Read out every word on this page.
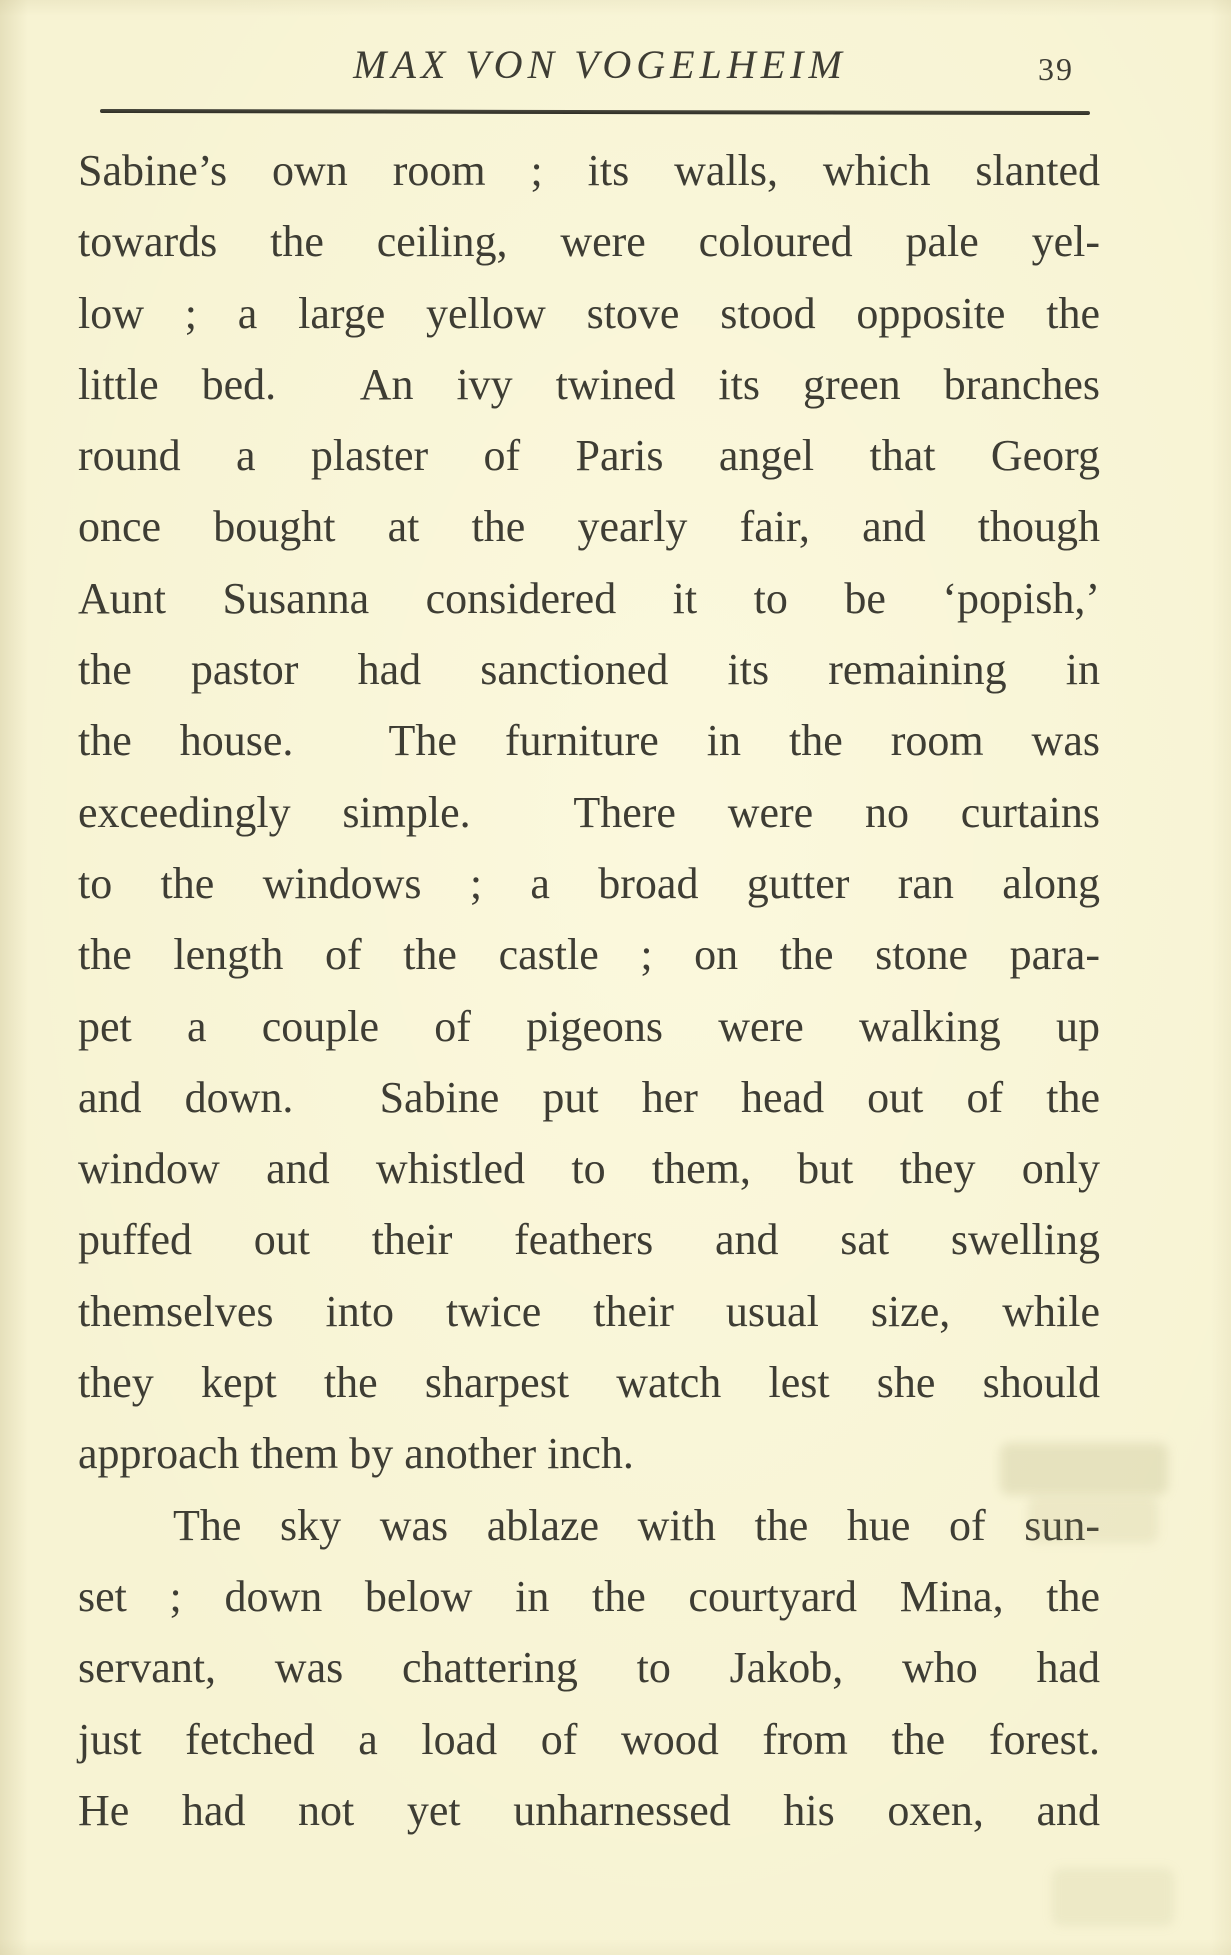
MAX VON VOGELHEIM	39
Sabine’s own room ; its walls, which slanted
towards the ceiling, were coloured pale yel-
low ; a large yellow stove stood opposite the
little bed.  An ivy twined its green branches
round a plaster of Paris angel that Georg
once bought at the yearly fair, and though
Aunt Susanna considered it to be ‘popish,’
the pastor had sanctioned its remaining in
the house.  The furniture in the room was
exceedingly simple.  There were no curtains
to the windows ; a broad gutter ran along
the length of the castle ; on the stone para-
pet a couple of pigeons were walking up
and down.  Sabine put her head out of the
window and whistled to them, but they only
puffed out their feathers and sat swelling
themselves into twice their usual size, while
they kept the sharpest watch lest she should
approach them by another inch.
The sky was ablaze with the hue of sun-
set ; down below in the courtyard Mina, the
servant, was chattering to Jakob, who had
just fetched a load of wood from the forest.
He had not yet unharnessed his oxen, and
